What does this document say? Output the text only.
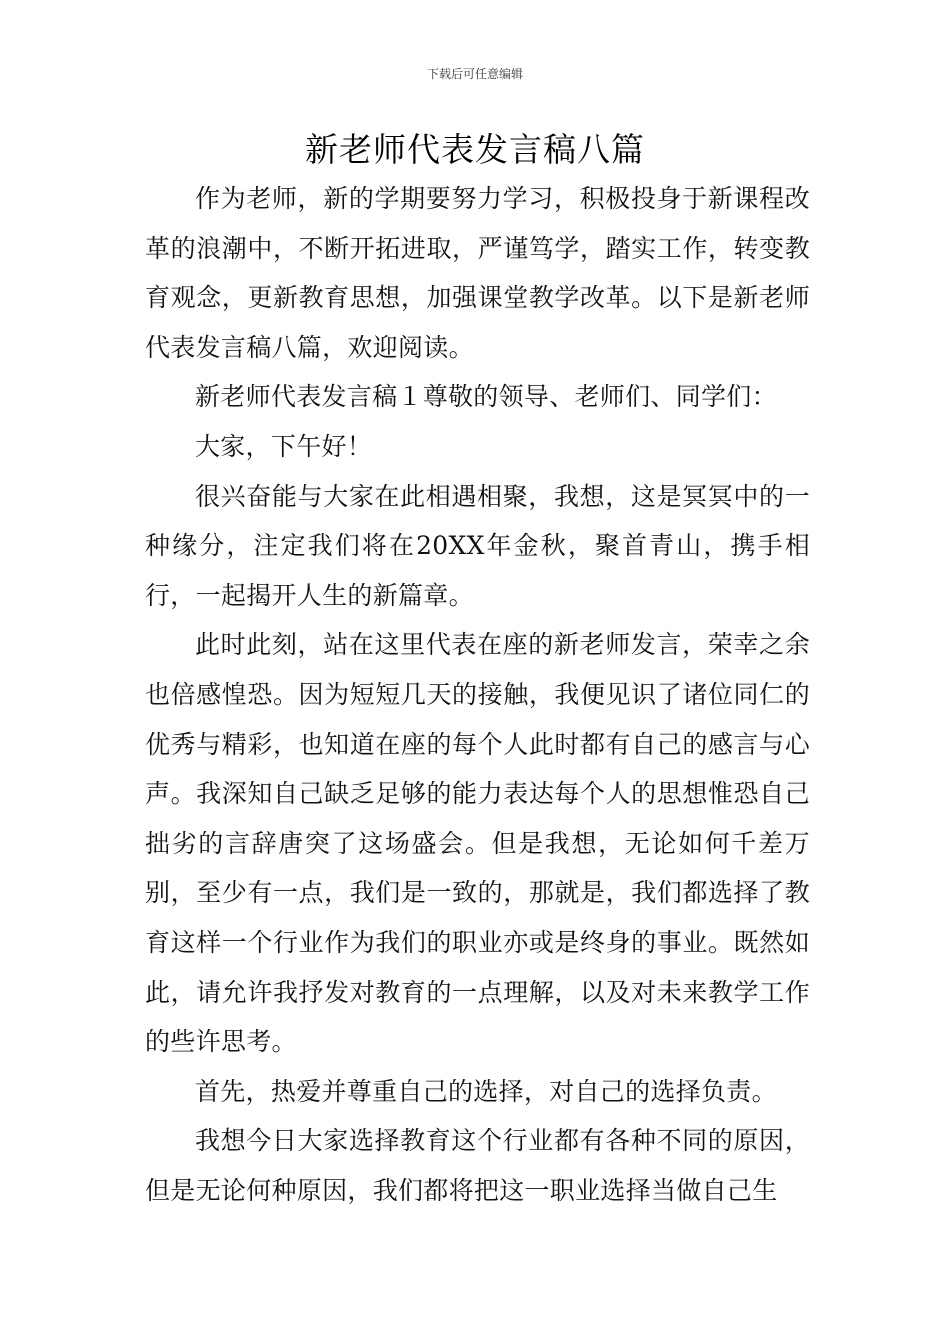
下载后可任意编辑
新老师代表发言稿八篇

作为老师，新的学期要努力学习，积极投身于新课程改革的浪潮中，不断开拓进取，严谨笃学，踏实工作，转变教育观念，更新教育思想，加强课堂教学改革。以下是新老师代表发言稿八篇，欢迎阅读。

新老师代表发言稿１尊敬的领导、老师们、同学们：

大家，下午好！

很兴奋能与大家在此相遇相聚，我想，这是冥冥中的一种缘分，注定我们将在20XX年金秋，聚首青山，携手相行，一起揭开人生的新篇章。

此时此刻，站在这里代表在座的新老师发言，荣幸之余也倍感惶恐。因为短短几天的接触，我便见识了诸位同仁的优秀与精彩，也知道在座的每个人此时都有自己的感言与心声。我深知自己缺乏足够的能力表达每个人的思想惟恐自己拙劣的言辞唐突了这场盛会。但是我想，无论如何千差万别，至少有一点，我们是一致的，那就是，我们都选择了教育这样一个行业作为我们的职业亦或是终身的事业。既然如此，请允许我抒发对教育的一点理解，以及对未来教学工作的些许思考。

首先，热爱并尊重自己的选择，对自己的选择负责。

我想今日大家选择教育这个行业都有各种不同的原因，但是无论何种原因，我们都将把这一职业选择当做自己生
